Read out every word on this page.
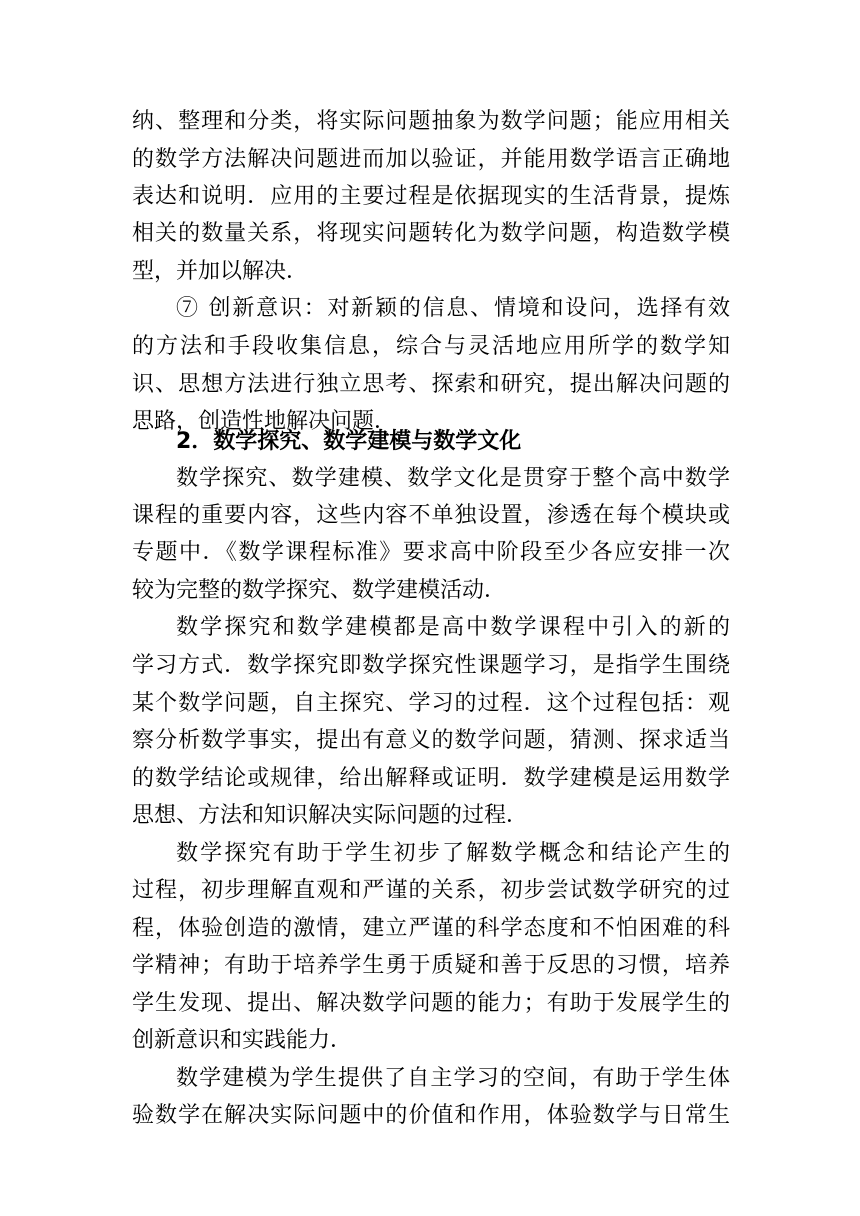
纳、整理和分类，将实际问题抽象为数学问题；能应用相关
的数学方法解决问题进而加以验证，并能用数学语言正确地
表达和说明．应用的主要过程是依据现实的生活背景，提炼
相关的数量关系，将现实问题转化为数学问题，构造数学模
型，并加以解决．
⑦ 创新意识：对新颖的信息、情境和设问，选择有效
的方法和手段收集信息，综合与灵活地应用所学的数学知
识、思想方法进行独立思考、探索和研究，提出解决问题的
思路，创造性地解决问题．
2．数学探究、数学建模与数学文化
数学探究、数学建模、数学文化是贯穿于整个高中数学
课程的重要内容，这些内容不单独设置，渗透在每个模块或
专题中．《数学课程标准》要求高中阶段至少各应安排一次
较为完整的数学探究、数学建模活动．
数学探究和数学建模都是高中数学课程中引入的新的
学习方式．数学探究即数学探究性课题学习，是指学生围绕
某个数学问题，自主探究、学习的过程．这个过程包括：观
察分析数学事实，提出有意义的数学问题，猜测、探求适当
的数学结论或规律，给出解释或证明．数学建模是运用数学
思想、方法和知识解决实际问题的过程．
数学探究有助于学生初步了解数学概念和结论产生的
过程，初步理解直观和严谨的关系，初步尝试数学研究的过
程，体验创造的激情，建立严谨的科学态度和不怕困难的科
学精神；有助于培养学生勇于质疑和善于反思的习惯，培养
学生发现、提出、解决数学问题的能力；有助于发展学生的
创新意识和实践能力．
数学建模为学生提供了自主学习的空间，有助于学生体
验数学在解决实际问题中的价值和作用，体验数学与日常生
